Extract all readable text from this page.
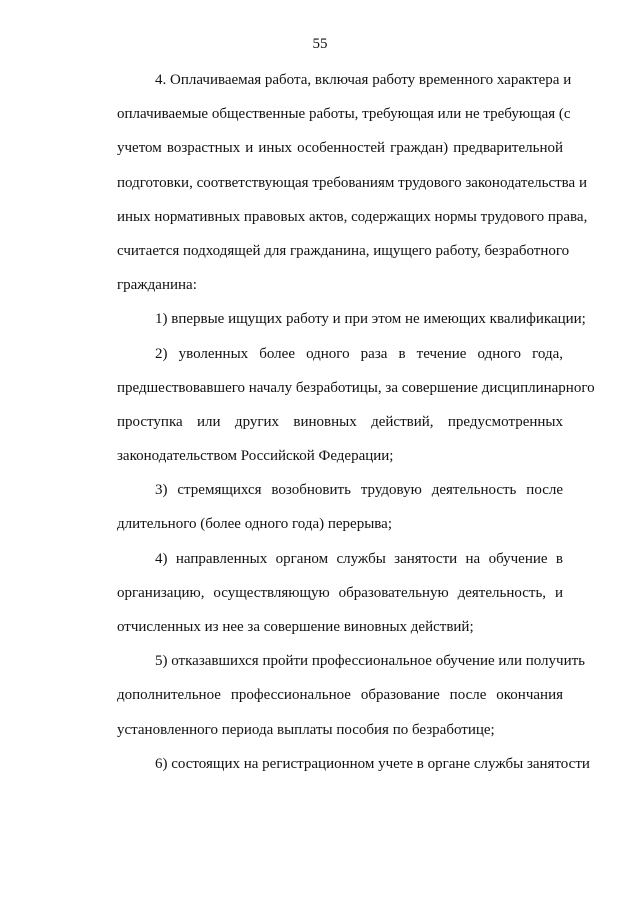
55
4. Оплачиваемая работа, включая работу временного характера и
оплачиваемые общественные работы, требующая или не требующая (с
учетом возрастных и иных особенностей граждан) предварительной
подготовки, соответствующая требованиям трудового законодательства и
иных нормативных правовых актов, содержащих нормы трудового права,
считается подходящей для гражданина, ищущего работу, безработного
гражданина:
1) впервые ищущих работу и при этом не имеющих квалификации;
2) уволенных более одного раза в течение одного года,
предшествовавшего началу безработицы, за совершение дисциплинарного
проступка или других виновных действий, предусмотренных
законодательством Российской Федерации;
3) стремящихся возобновить трудовую деятельность после
длительного (более одного года) перерыва;
4) направленных органом службы занятости на обучение в
организацию, осуществляющую образовательную деятельность, и
отчисленных из нее за совершение виновных действий;
5) отказавшихся пройти профессиональное обучение или получить
дополнительное профессиональное образование после окончания
установленного периода выплаты пособия по безработице;
6) состоящих на регистрационном учете в органе службы занятости
